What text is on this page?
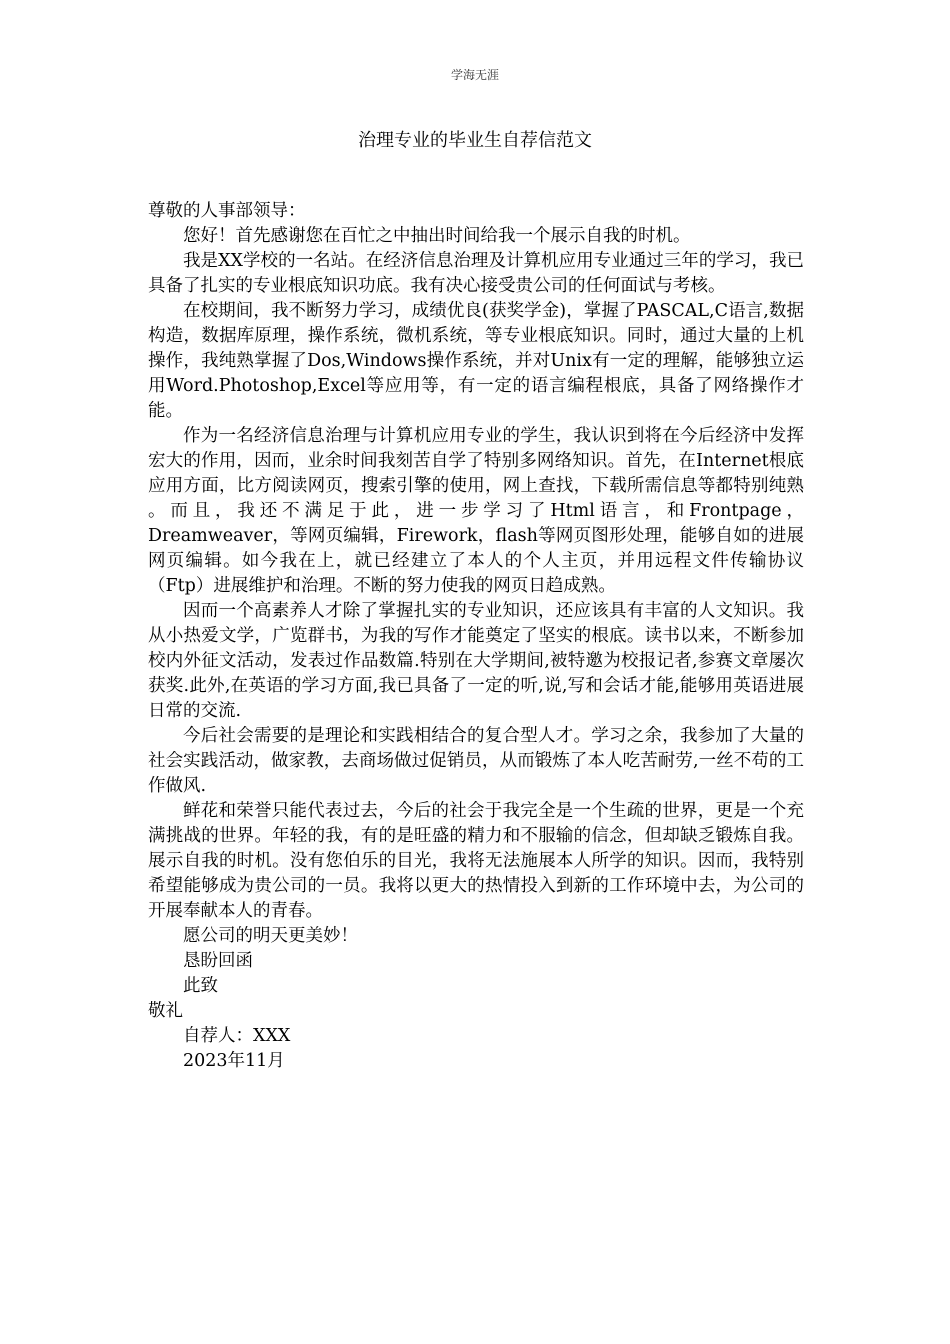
学海无涯
治理专业的毕业生自荐信范文

尊敬的人事部领导：

您好！首先感谢您在百忙之中抽出时间给我一个展示自我的时机。

我是XX学校的一名站。在经济信息治理及计算机应用专业通过三年的学习，我已具备了扎实的专业根底知识功底。我有决心接受贵公司的任何面试与考核。

在校期间，我不断努力学习，成绩优良(获奖学金)，掌握了PASCAL,C语言,数据构造，数据库原理，操作系统，微机系统，等专业根底知识。同时，通过大量的上机操作，我纯熟掌握了Dos,Windows操作系统，并对Unix有一定的理解，能够独立运用Word.Photoshop,Excel等应用等，有一定的语言编程根底，具备了网络操作才能。

作为一名经济信息治理与计算机应用专业的学生，我认识到将在今后经济中发挥宏大的作用，因而，业余时间我刻苦自学了特别多网络知识。首先，在Internet根底应用方面，比方阅读网页，搜索引擎的使用，网上查找，下载所需信息等都特别纯熟 。而且，我还不满足于此，进一步学习了Html语言，和Frontpage，Dreamweaver，等网页编辑，Firework，flash等网页图形处理，能够自如的进展网页编辑。如今我在上，就已经建立了本人的个人主页，并用远程文件传输协议（Ftp）进展维护和治理。不断的努力使我的网页日趋成熟。

因而一个高素养人才除了掌握扎实的专业知识，还应该具有丰富的人文知识。我从小热爱文学，广览群书，为我的写作才能奠定了坚实的根底。读书以来，不断参加校内外征文活动，发表过作品数篇.特别在大学期间,被特邀为校报记者,参赛文章屡次获奖.此外,在英语的学习方面,我已具备了一定的听,说,写和会话才能,能够用英语进展日常的交流.

今后社会需要的是理论和实践相结合的复合型人才。学习之余，我参加了大量的社会实践活动，做家教，去商场做过促销员，从而锻炼了本人吃苦耐劳,一丝不苟的工作做风.

鲜花和荣誉只能代表过去，今后的社会于我完全是一个生疏的世界，更是一个充满挑战的世界。年轻的我，有的是旺盛的精力和不服输的信念，但却缺乏锻炼自我。展示自我的时机。没有您伯乐的目光，我将无法施展本人所学的知识。因而，我特别希望能够成为贵公司的一员。我将以更大的热情投入到新的工作环境中去，为公司的开展奉献本人的青春。

愿公司的明天更美妙！

恳盼回函

此致

敬礼

自荐人：XXX

2023年11月
